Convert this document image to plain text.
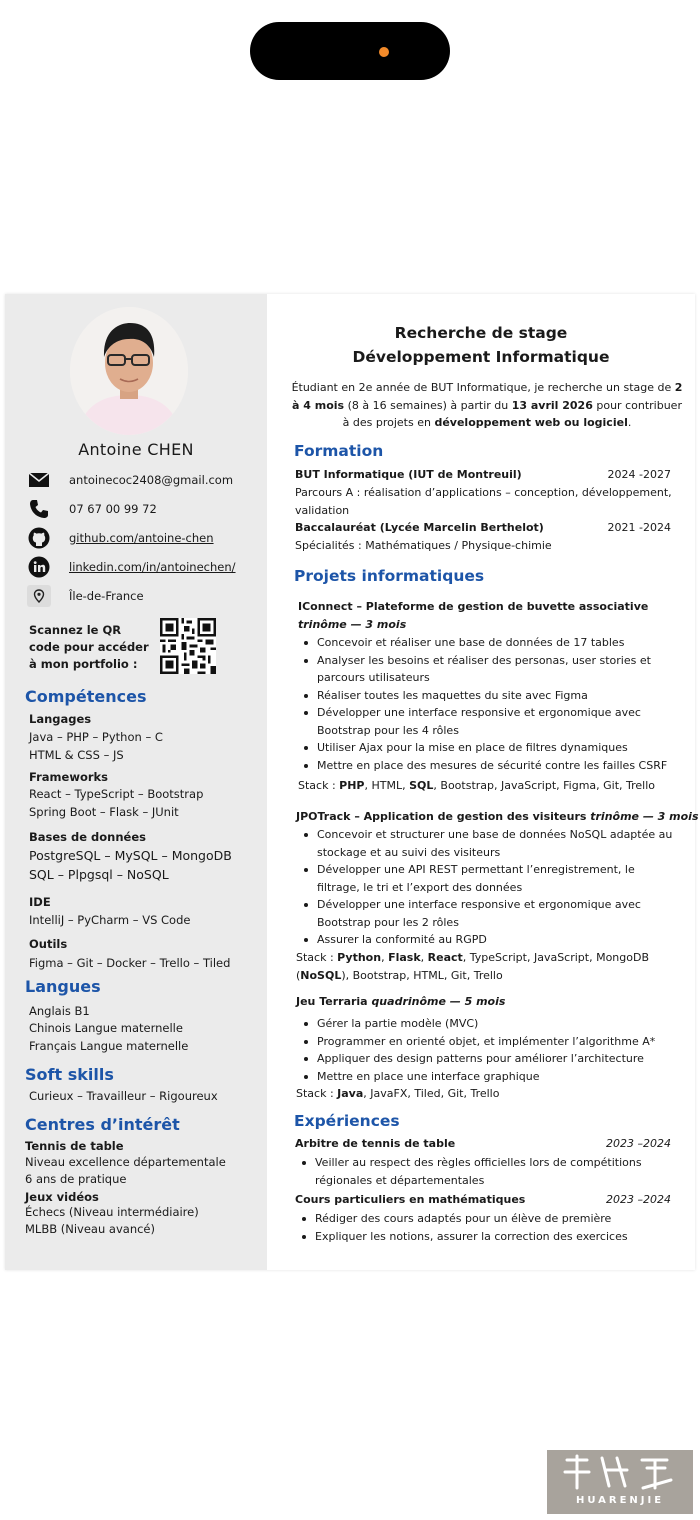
Antoine CHEN
antoinecoc2408@gmail.com
07 67 00 99 72
github.com/antoine-chen
linkedin.com/in/antoinechen/
Île-de-France
Scannez le QR code pour accéder à mon portfolio :
Compétences
Langages
Java – PHP – Python – C
HTML & CSS – JS
Frameworks
React – TypeScript – Bootstrap
Spring Boot – Flask – JUnit
Bases de données
PostgreSQL – MySQL – MongoDB
SQL – Plpgsql – NoSQL
IDE
IntelliJ – PyCharm – VS Code
Outils
Figma – Git – Docker – Trello – Tiled
Langues
Anglais B1
Chinois Langue maternelle
Français Langue maternelle
Soft skills
Curieux – Travailleur – Rigoureux
Centres d’intérêt
Tennis de table
Niveau excellence départementale
6 ans de pratique
Jeux vidéos
Échecs (Niveau intermédiaire)
MLBB (Niveau avancé)
Recherche de stage
Développement Informatique
Étudiant en 2e année de BUT Informatique, je recherche un stage de 2 à 4 mois (8 à 16 semaines) à partir du 13 avril 2026 pour contribuer à des projets en développement web ou logiciel.
Formation
BUT Informatique (IUT de Montreuil)	2024 -2027
Parcours A : réalisation d’applications – conception, développement, validation
Baccalauréat (Lycée Marcelin Berthelot)	2021 -2024
Spécialités : Mathématiques / Physique-chimie
Projets informatiques
IConnect – Plateforme de gestion de buvette associative
trinôme — 3 mois
Concevoir et réaliser une base de données de 17 tables
Analyser les besoins et réaliser des personas, user stories et parcours utilisateurs
Réaliser toutes les maquettes du site avec Figma
Développer une interface responsive et ergonomique avec Bootstrap pour les 4 rôles
Utiliser Ajax pour la mise en place de filtres dynamiques
Mettre en place des mesures de sécurité contre les failles CSRF
Stack : PHP, HTML, SQL, Bootstrap, JavaScript, Figma, Git, Trello
JPOTrack – Application de gestion des visiteurs trinôme — 3 mois
Concevoir et structurer une base de données NoSQL adaptée au stockage et au suivi des visiteurs
Développer une API REST permettant l’enregistrement, le filtrage, le tri et l’export des données
Développer une interface responsive et ergonomique avec Bootstrap pour les 2 rôles
Assurer la conformité au RGPD
Stack : Python, Flask, React, TypeScript, JavaScript, MongoDB (NoSQL), Bootstrap, HTML, Git, Trello
Jeu Terraria quadrinôme — 5 mois
Gérer la partie modèle (MVC)
Programmer en orienté objet, et implémenter l’algorithme A*
Appliquer des design patterns pour améliorer l’architecture
Mettre en place une interface graphique
Stack : Java, JavaFX, Tiled, Git, Trello
Expériences
Arbitre de tennis de table	2023 –2024
Veiller au respect des règles officielles lors de compétitions régionales et départementales
Cours particuliers en mathématiques	2023 –2024
Rédiger des cours adaptés pour un élève de première
Expliquer les notions, assurer la correction des exercices
HUARENJIE
